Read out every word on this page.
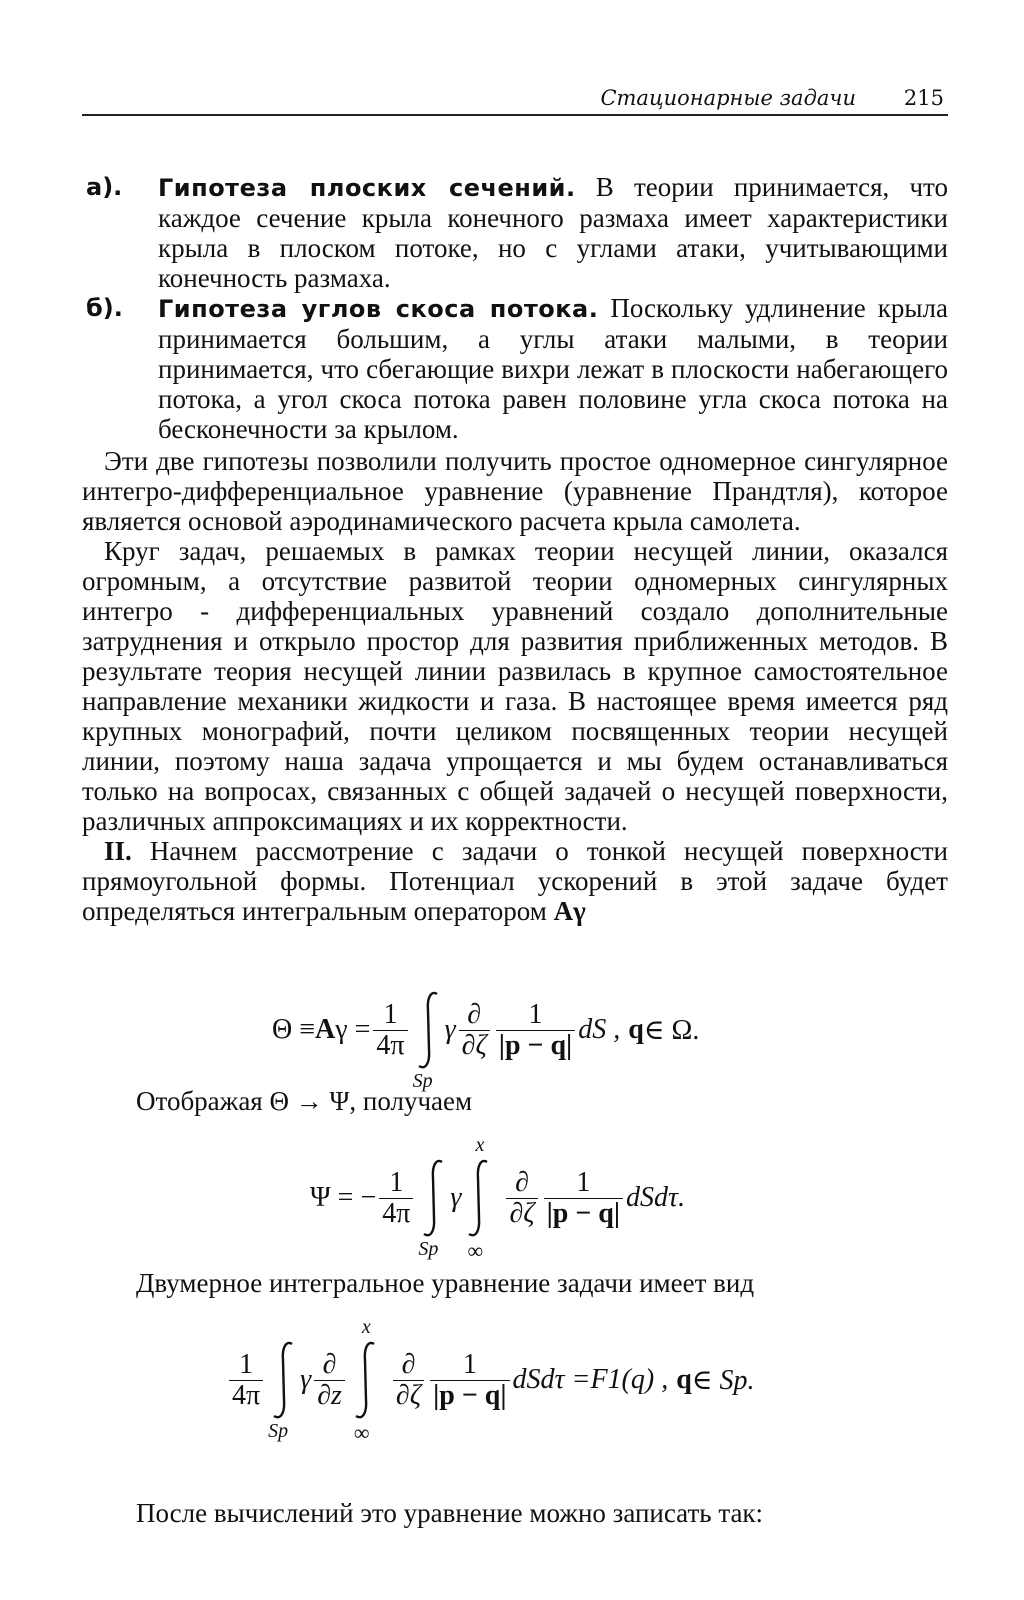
Стационарные задачи 215
а). Гипотеза плоских сечений. В теории принимается, что каждое сечение крыла конечного размаха имеет характеристики крыла в плоском потоке, но с углами атаки, учитывающими конечность размаха.
б). Гипотеза углов скоса потока. Поскольку удлинение крыла принимается большим, а углы атаки малыми, в теории принимается, что сбегающие вихри лежат в плоскости набегающего потока, а угол скоса потока равен половине угла скоса потока на бесконечности за крылом.

Эти две гипотезы позволили получить простое одномерное сингулярное интегро-дифференциальное уравнение (уравнение Прандтля), которое является основой аэродинамического расчета крыла самолета.

Круг задач, решаемых в рамках теории несущей линии, оказался огромным, а отсутствие развитой теории одномерных сингулярных интегро - дифференциальных уравнений создало дополнительные затруднения и открыло простор для развития приближенных методов. В результате теория несущей линии развилась в крупное самостоятельное направление механики жидкости и газа. В настоящее время имеется ряд крупных монографий, почти целиком посвященных теории несущей линии, поэтому наша задача упрощается и мы будем останавливаться только на вопросах, связанных с общей задачей о несущей поверхности, различных аппроксимациях и их корректности.

II. Начнем рассмотрение с задачи о тонкой несущей поверхности прямоугольной формы. Потенциал ускорений в этой задаче будет определяться интегральным оператором Aγ

Θ ≡ A $\gamma = \frac{1}{4\pi}$
Sp
γ $\frac{\partial}{\partial\zeta} \frac{1}{|p - q|}$ dS , q ∈ Ω.

Отображая Θ → Ψ, получаем

Ψ = − $\frac{1}{4\pi}$
Sp
γ
x
∞
$\frac{\partial}{\partial\zeta} \frac{1}{|p - q|} dSd\tau$.

Двумерное интегральное уравнение задачи имеет вид

$\frac{1}{4\pi}$
Sp
γ $\frac{\partial}{\partial z}$
x
∞
$\frac{\partial}{\partial\zeta} \frac{1}{|p - q|}$ dSdτ = F1(q) , q ∈ Sp.

После вычислений это уравнение можно записать так:
